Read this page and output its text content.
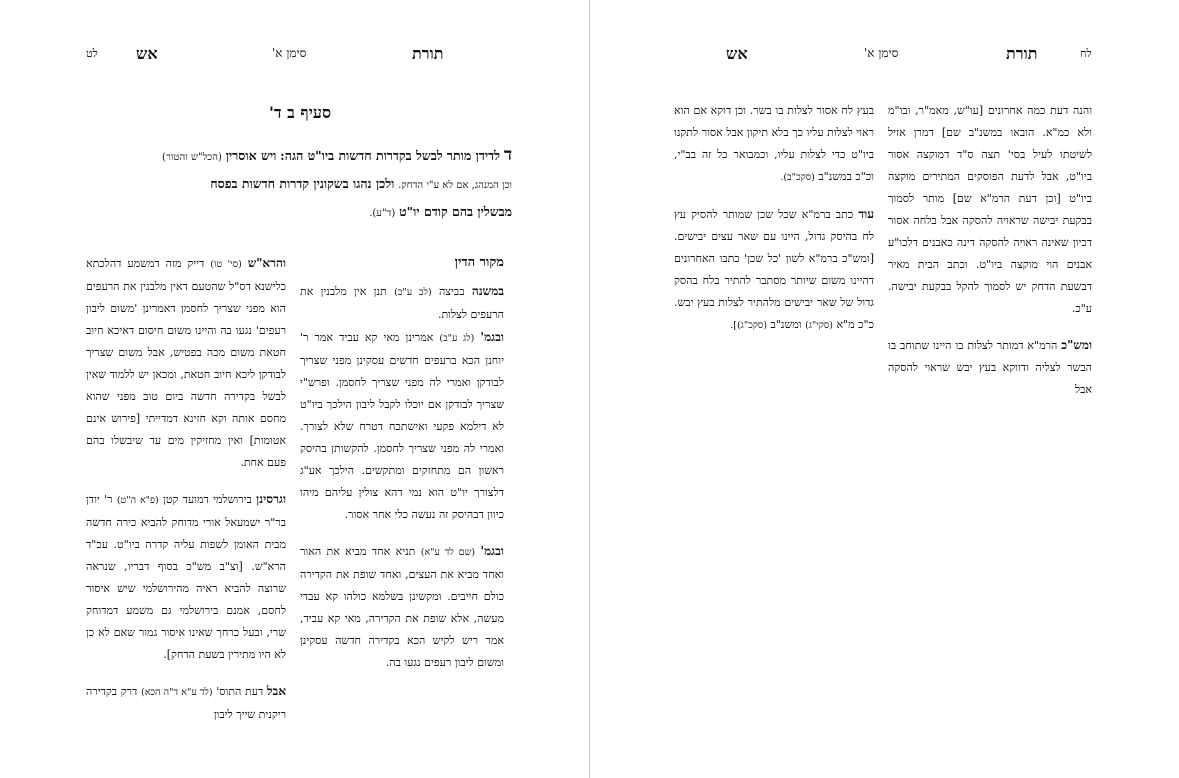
לט אש	סימן א'	תורת
סעיף ב ד'
ד לדידן מותר לבשל בקדרות חדשות ביו"ט הגה: ויש אוסרין (הכל"ש והטור)
וכן המנהג, אם לא ע"י הדחק. ולכן נהגו בשקונין קדרות חדשות בפסח
מבשלין בהם קודם יו"ט (ד"ע).

מקור הדין

במשנה בביצה (לב ע"ב) תנן אין מלבנין את הרעפים לצלות.

ובגמ' (לג ע"ב) אמרינן מאי קא עביד אמר ר' יוחנן הכא ברעפים חדשים עסקינן מפני שצריך לבודקן ואמרי לה מפני שצריך לחסמן. ופרש"י שצריך לבודקן אם יוכלו לקבל ליבון הילכך ביו"ט לא דילמא פקעי ואישתכח דטרח שלא לצורך. ואמרי לה מפני שצריך לחסמן. להקשותן בהיסק ראשון הם מתחזקים ומתקשים. הילכך אע"ג דלצורך יו"ט הוא נמי דהא צולין עליהם מיהו כיוון דבהיסק זה נעשה כלי אחר אסור.

ובגמ' (שם לד ע"א) תניא אחד מביא את האור ואחד מביא את העצים, ואחד שופת את הקדירה כולם חייבים. ומקשינן בשלמא כולהו קא עבדי מעשה, אלא שופת את הקדירה, מאי קא עביד, אמר ריש לקיש הכא בקדירה חדשה עסקינן ומשום ליבון רעפים נגעו בה.

והרא"ש (סי' טו) דייק מזה דמשמע דהלכתא כלישנא דס"ל שהטעם דאין מלבנין את הרעפים הוא מפני שצריך לחסמן דאמרינן 'משום ליבון רעפים' נגעו בה והיינו משום חיסום דאיכא חיוב חטאת משום מכה בפטיש, אבל משום שצריך לבודקן ליכא חיוב חטאת, ומכאן יש ללמוד שאין לבשל בקדירה חדשה ביום טוב מפני שהוא מחסם אותה וקא חזינא דמדייתי [פירוש אינם אטומות] ואין מחזיקין מים עד שיבשלו בהם פעם אחת.

וגרסינן בירושלמי דמועד קטן (פ"א ה"ט) ר' יודן בר"ר ישמעאל אורי מדוחק להביא כירה חדשה מבית האומן לשפות עליה קדרה ביו"ט. עכ"ד הרא"ש. [וצ"ב מש"כ בסוף דבריו, שנראה שרוצה להביא ראיה מהירושלמי שיש איסור לחסם, אמנם בירושלמי גם משמע דמדוחק שרי, ובעל כרחך שאינו איסור גמור שאם לא כן לא היו מתירין בשעת הדחק].

אבל דעת התוס' (לד ע"א ד"ה הכא) דרק בקדירה ריקנית שייך ליבון

לח
תורת
סימן א'
אש

והנה דעת כמה אחרונים [עו"ש, מאמ"ר, ובו"מ ולא כמ"א. הובאו במשנ"ב שם] דמרן אזיל לשיטתו לעיל בסי' תצה ס"ד דמוקצה אסור ביו"ט, אבל לדעת הפוסקים המתירים מוקצה ביו"ט [וכן דעת הרמ"א שם] מותר לסמוך בבקעת יבישה שראויה להסקה אבל בלחה אסור דכיון שאינה ראויה להסקה דינה כאבנים דלכו"ע אבנים הוי מוקצה ביו"ט. וכתב הבית מאיר דבשעת הדחק יש לסמוך להקל בבקעת יבישה. ע"כ.

ומש"כ הרמ"א דמותר לצלות בו היינו שתוחב בו הבשר לצליה ודווקא בעץ יבש שראוי להסקה אבל

בעץ לח אסור לצלות בו בשר. וכן דוקא אם הוא ראוי לצלות עליו כך בלא תיקון אבל אסור לתקנו ביו"ט כדי לצלות עליו, וכמבואר כל זה בב"י, וכ"כ במשנ"ב (סקכ"ב).

עוד כתב ברמ"א שכל שכן שמותר להסיק עץ לח בהיסק גדול, היינו עם שאר עצים יבישים. [ומש"כ ברמ"א לשון 'כל שכן' כתבו האחרונים דהיינו משום שיותר מסתבר להתיר בלח בהסק גדול של שאר יבישים מלהתיר לצלות בעץ יבש. כ"כ מ"א (סקי"ג) ומשנ"ב (סקכ"ג)].
